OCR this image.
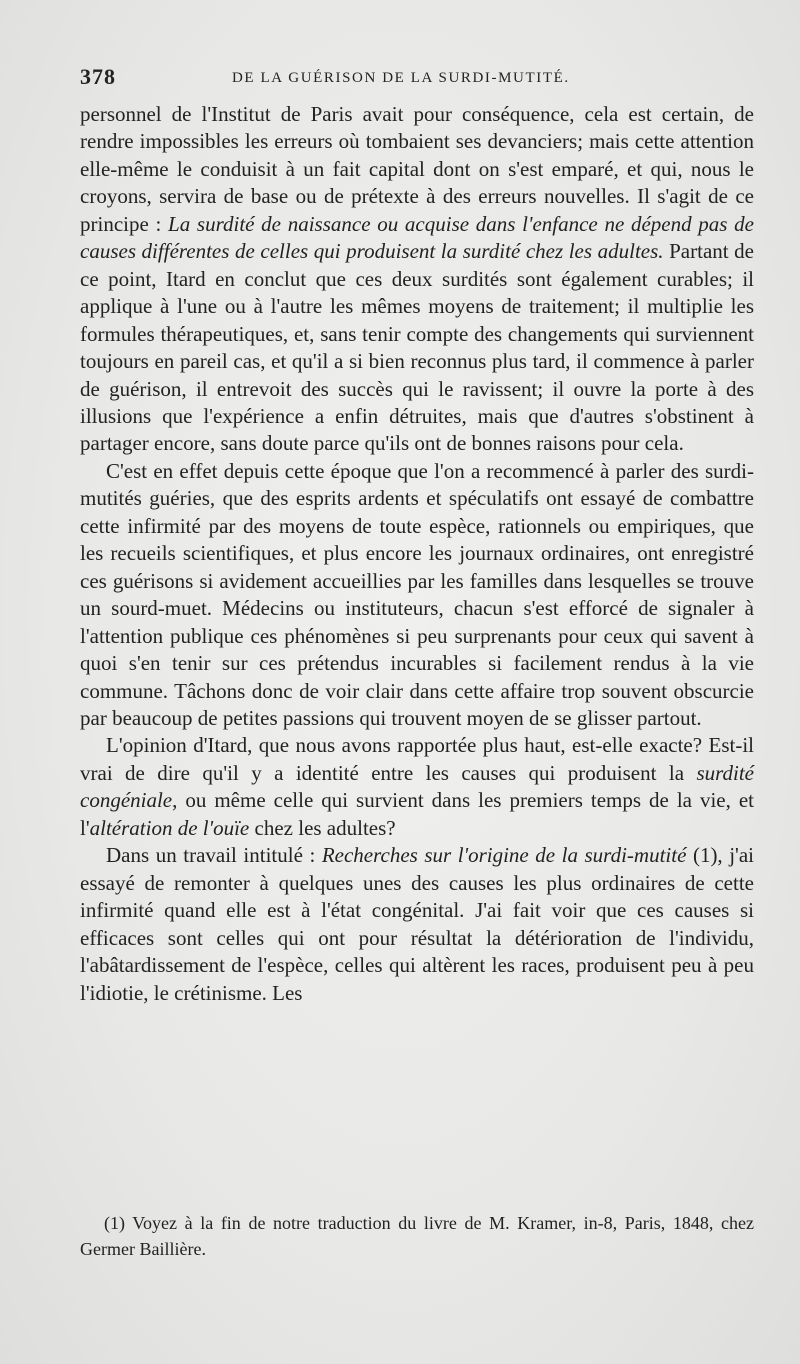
378	DE LA GUÉRISON DE LA SURDI-MUTITÉ.

personnel de l'Institut de Paris avait pour conséquence, cela est certain, de rendre impossibles les erreurs où tombaient ses devanciers; mais cette attention elle-même le conduisit à un fait capital dont on s'est emparé, et qui, nous le croyons, servira de base ou de prétexte à des erreurs nouvelles. Il s'agit de ce principe : La surdité de naissance ou acquise dans l'enfance ne dépend pas de causes différentes de celles qui produisent la surdité chez les adultes. Partant de ce point, Itard en conclut que ces deux surdités sont également curables; il applique à l'une ou à l'autre les mêmes moyens de traitement; il multiplie les formules thérapeutiques, et, sans tenir compte des changements qui surviennent toujours en pareil cas, et qu'il a si bien reconnus plus tard, il commence à parler de guérison, il entrevoit des succès qui le ravissent; il ouvre la porte à des illusions que l'expérience a enfin détruites, mais que d'autres s'obstinent à partager encore, sans doute parce qu'ils ont de bonnes raisons pour cela.

C'est en effet depuis cette époque que l'on a recommencé à parler des surdi-mutités guéries, que des esprits ardents et spéculatifs ont essayé de combattre cette infirmité par des moyens de toute espèce, rationnels ou empiriques, que les recueils scientifiques, et plus encore les journaux ordinaires, ont enregistré ces guérisons si avidement accueillies par les familles dans lesquelles se trouve un sourd-muet. Médecins ou instituteurs, chacun s'est efforcé de signaler à l'attention publique ces phénomènes si peu surprenants pour ceux qui savent à quoi s'en tenir sur ces prétendus incurables si facilement rendus à la vie commune. Tâchons donc de voir clair dans cette affaire trop souvent obscurcie par beaucoup de petites passions qui trouvent moyen de se glisser partout.

L'opinion d'Itard, que nous avons rapportée plus haut, est-elle exacte? Est-il vrai de dire qu'il y a identité entre les causes qui produisent la surdité congéniale, ou même celle qui survient dans les premiers temps de la vie, et l'altération de l'ouïe chez les adultes?

Dans un travail intitulé : Recherches sur l'origine de la surdi-mutité (1), j'ai essayé de remonter à quelques unes des causes les plus ordinaires de cette infirmité quand elle est à l'état congénital. J'ai fait voir que ces causes si efficaces sont celles qui ont pour résultat la détérioration de l'individu, l'abâtardissement de l'espèce, celles qui altèrent les races, produisent peu à peu l'idiotie, le crétinisme. Les

(1) Voyez à la fin de notre traduction du livre de M. Kramer, in-8, Paris, 1848, chez Germer Baillière.
